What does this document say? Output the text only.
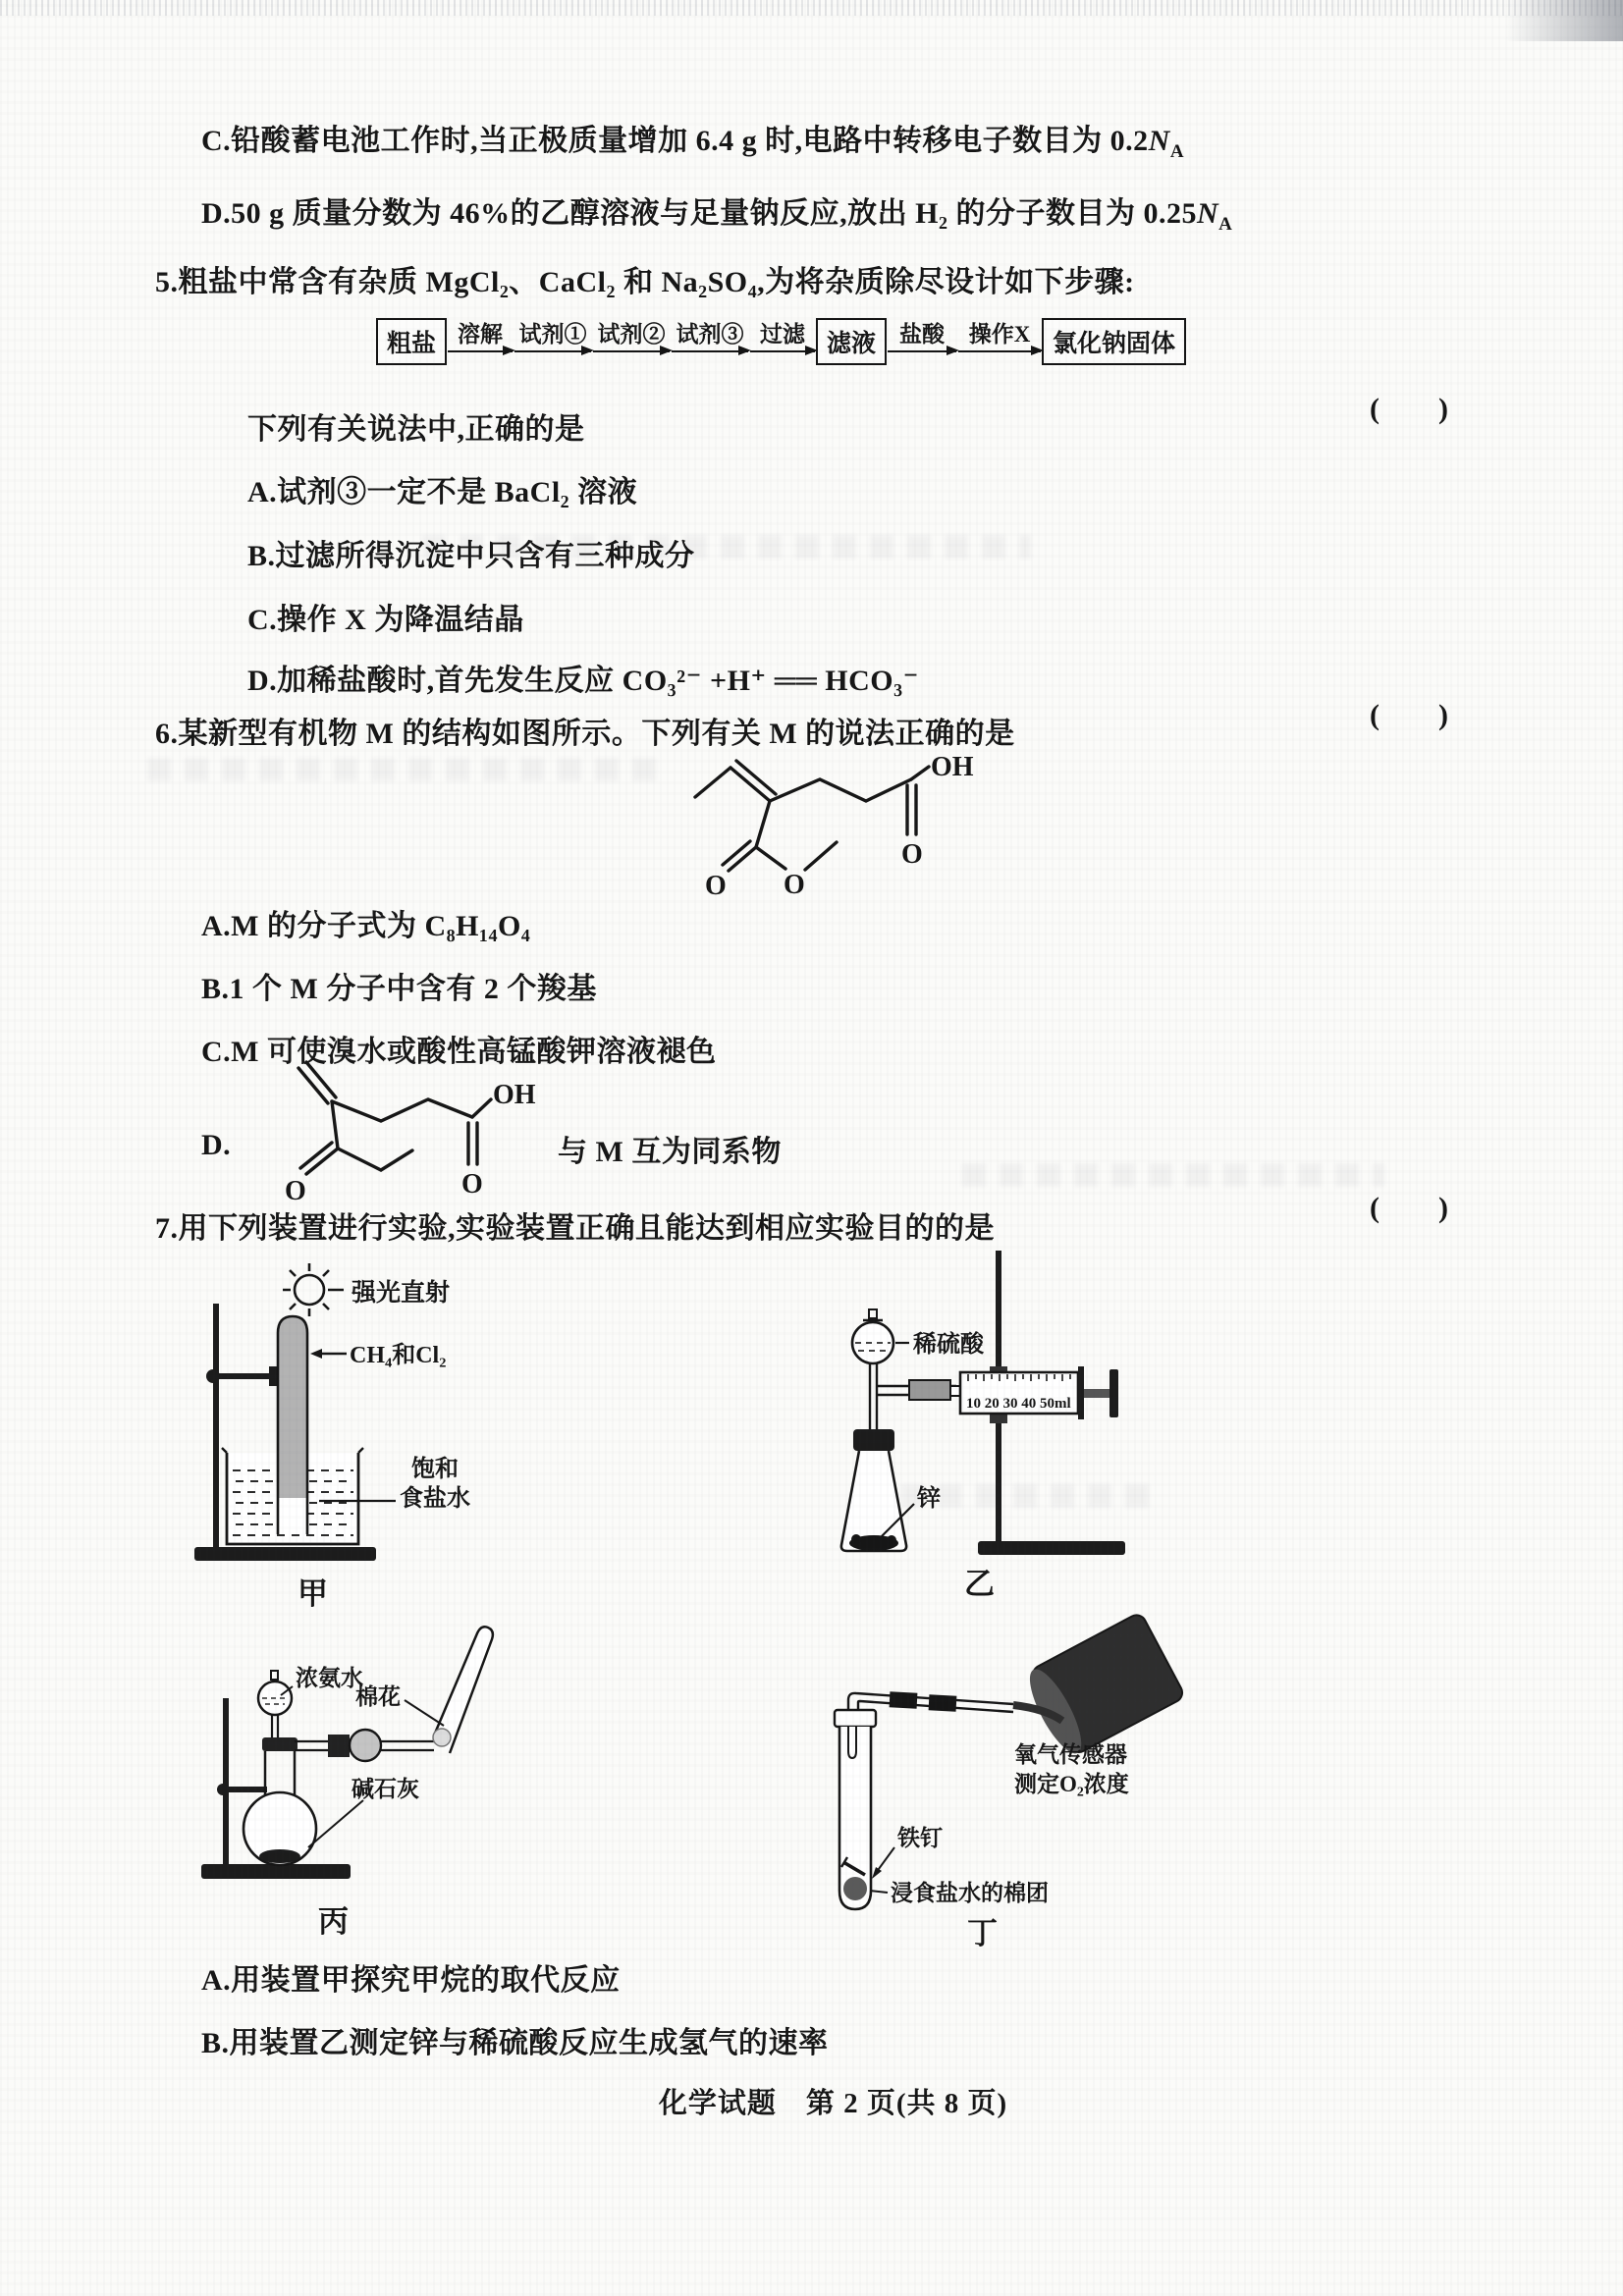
C.铅酸蓄电池工作时,当正极质量增加 6.4 g 时,电路中转移电子数目为 $0.2N_A$
D.50 g 质量分数为 46%的乙醇溶液与足量钠反应,放出 H₂ 的分子数目为 $0.25N_A$
5.粗盐中常含有杂质 MgCl₂、CaCl₂ 和 Na₂SO₄,为将杂质除尽设计如下步骤:
粗盐 溶解 试剂① 试剂② 试剂③ 过滤 滤液	盐酸 操作X 氯化钠固体
下列有关说法中,正确的是
(        )
A.试剂③一定不是 BaCl₂ 溶液
B.过滤所得沉淀中只含有三种成分
C.操作 X 为降温结晶
D.加稀盐酸时,首先发生反应 CO₃²⁻ +H⁺ ══ HCO₃⁻
6.某新型有机物 M 的结构如图所示。下列有关 M 的说法正确的是
(        )
OH
O
O O
A.M 的分子式为 C₈H₁₄O₄
B.1 个 M 分子中含有 2 个羧基
C.M 可使溴水或酸性高锰酸钾溶液褪色
D.
OH
O
O
与 M 互为同系物
7.用下列装置进行实验,实验装置正确且能达到相应实验目的的是
(        )
强光直射
CH₄和Cl₂
饱和
食盐水
甲
稀硫酸
10 20 30 40 50ml
锌
乙
浓氨水
棉花
碱石灰
丙
氧气传感器
测定O₂浓度
铁钉
浸食盐水的棉团
丁
A.用装置甲探究甲烷的取代反应
B.用装置乙测定锌与稀硫酸反应生成氢气的速率
化学试题　第 2 页(共 8 页)
